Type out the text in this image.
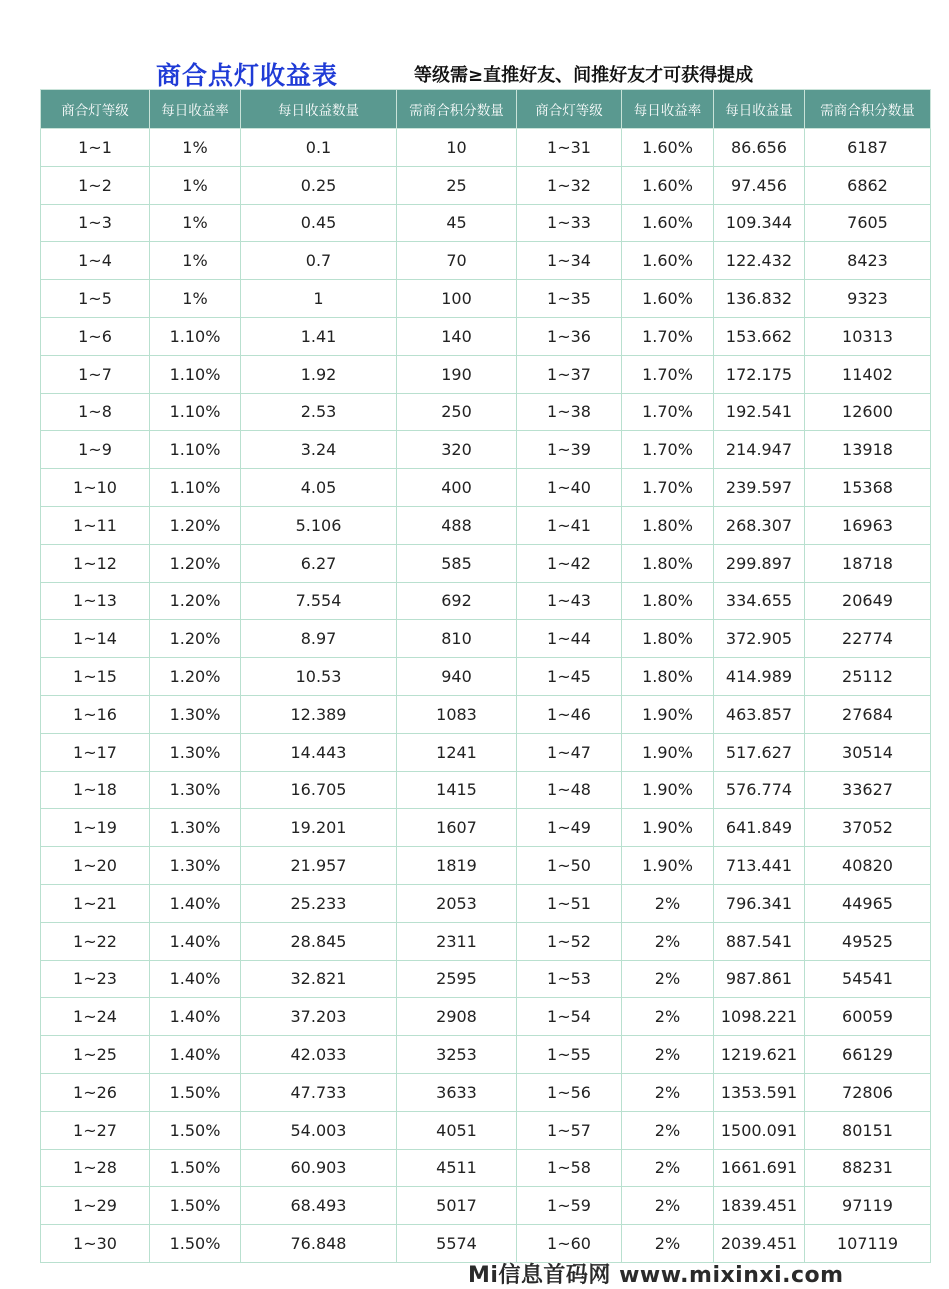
商合点灯收益表	等级需≥直推好友、间推好友才可获得提成
商合灯等级	每日收益率	每日收益数量	需商合积分数量	商合灯等级	每日收益率	每日收益量	需商合积分数量
1~1	1%	0.1	10	1~31	1.60%	86.656	6187
1~2	1%	0.25	25	1~32	1.60%	97.456	6862
1~3	1%	0.45	45	1~33	1.60%	109.344	7605
1~4	1%	0.7	70	1~34	1.60%	122.432	8423
1~5	1%	1	100	1~35	1.60%	136.832	9323
1~6	1.10%	1.41	140	1~36	1.70%	153.662	10313
1~7	1.10%	1.92	190	1~37	1.70%	172.175	11402
1~8	1.10%	2.53	250	1~38	1.70%	192.541	12600
1~9	1.10%	3.24	320	1~39	1.70%	214.947	13918
1~10	1.10%	4.05	400	1~40	1.70%	239.597	15368
1~11	1.20%	5.106	488	1~41	1.80%	268.307	16963
1~12	1.20%	6.27	585	1~42	1.80%	299.897	18718
1~13	1.20%	7.554	692	1~43	1.80%	334.655	20649
1~14	1.20%	8.97	810	1~44	1.80%	372.905	22774
1~15	1.20%	10.53	940	1~45	1.80%	414.989	25112
1~16	1.30%	12.389	1083	1~46	1.90%	463.857	27684
1~17	1.30%	14.443	1241	1~47	1.90%	517.627	30514
1~18	1.30%	16.705	1415	1~48	1.90%	576.774	33627
1~19	1.30%	19.201	1607	1~49	1.90%	641.849	37052
1~20	1.30%	21.957	1819	1~50	1.90%	713.441	40820
1~21	1.40%	25.233	2053	1~51	2%	796.341	44965
1~22	1.40%	28.845	2311	1~52	2%	887.541	49525
1~23	1.40%	32.821	2595	1~53	2%	987.861	54541
1~24	1.40%	37.203	2908	1~54	2%	1098.221	60059
1~25	1.40%	42.033	3253	1~55	2%	1219.621	66129
1~26	1.50%	47.733	3633	1~56	2%	1353.591	72806
1~27	1.50%	54.003	4051	1~57	2%	1500.091	80151
1~28	1.50%	60.903	4511	1~58	2%	1661.691	88231
1~29	1.50%	68.493	5017	1~59	2%	1839.451	97119
1~30	1.50%	76.848	5574	1~60	2%	2039.451	107119
Mi信息首码网 www.mixinxi.com
